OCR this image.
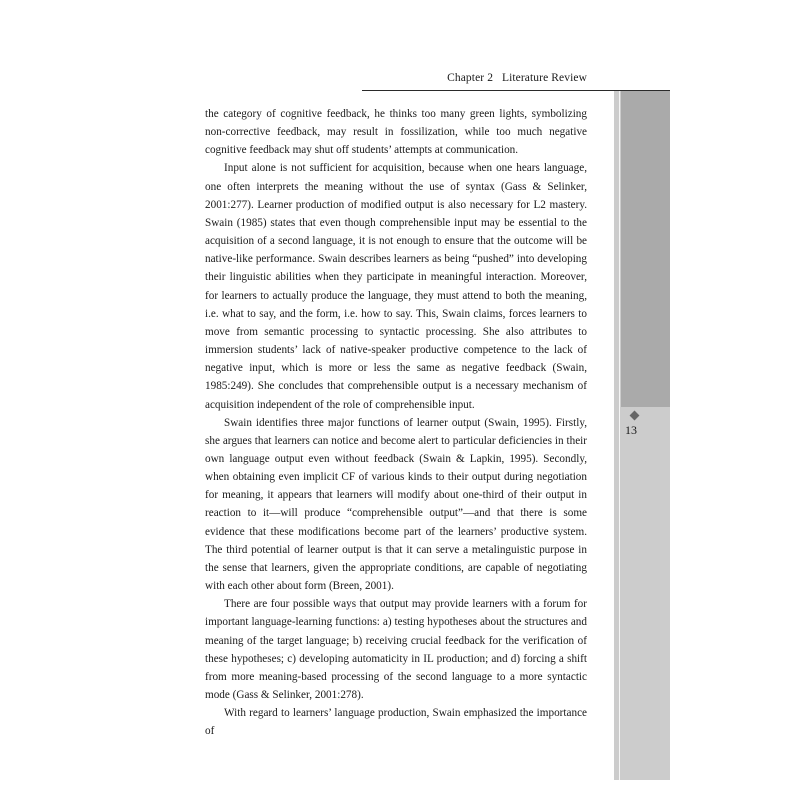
Chapter 2   Literature Review
13

the category of cognitive feedback, he thinks too many green lights, symbolizing non-corrective feedback, may result in fossilization, while too much negative cognitive feedback may shut off students’ attempts at communication.

Input alone is not sufficient for acquisition, because when one hears language, one often interprets the meaning without the use of syntax (Gass & Selinker, 2001:277). Learner production of modified output is also necessary for L2 mastery. Swain (1985) states that even though comprehensible input may be essential to the acquisition of a second language, it is not enough to ensure that the outcome will be native-like performance. Swain describes learners as being “pushed” into developing their linguistic abilities when they participate in meaningful interaction. Moreover, for learners to actually produce the language, they must attend to both the meaning, i.e. what to say, and the form, i.e. how to say. This, Swain claims, forces learners to move from semantic processing to syntactic processing. She also attributes to immersion students’ lack of native-speaker productive competence to the lack of negative input, which is more or less the same as negative feedback (Swain, 1985:249). She concludes that comprehensible output is a necessary mechanism of acquisition independent of the role of comprehensible input.

Swain identifies three major functions of learner output (Swain, 1995). Firstly, she argues that learners can notice and become alert to particular deficiencies in their own language output even without feedback (Swain & Lapkin, 1995). Secondly, when obtaining even implicit CF of various kinds to their output during negotiation for meaning, it appears that learners will modify about one-third of their output in reaction to it—will produce “comprehensible output”—and that there is some evidence that these modifications become part of the learners’ productive system. The third potential of learner output is that it can serve a metalinguistic purpose in the sense that learners, given the appropriate conditions, are capable of negotiating with each other about form (Breen, 2001).

There are four possible ways that output may provide learners with a forum for important language-learning functions: a) testing hypotheses about the structures and meaning of the target language; b) receiving crucial feedback for the verification of these hypotheses; c) developing automaticity in IL production; and d) forcing a shift from more meaning-based processing of the second language to a more syntactic mode (Gass & Selinker, 2001:278).

With regard to learners’ language production, Swain emphasized the importance of
